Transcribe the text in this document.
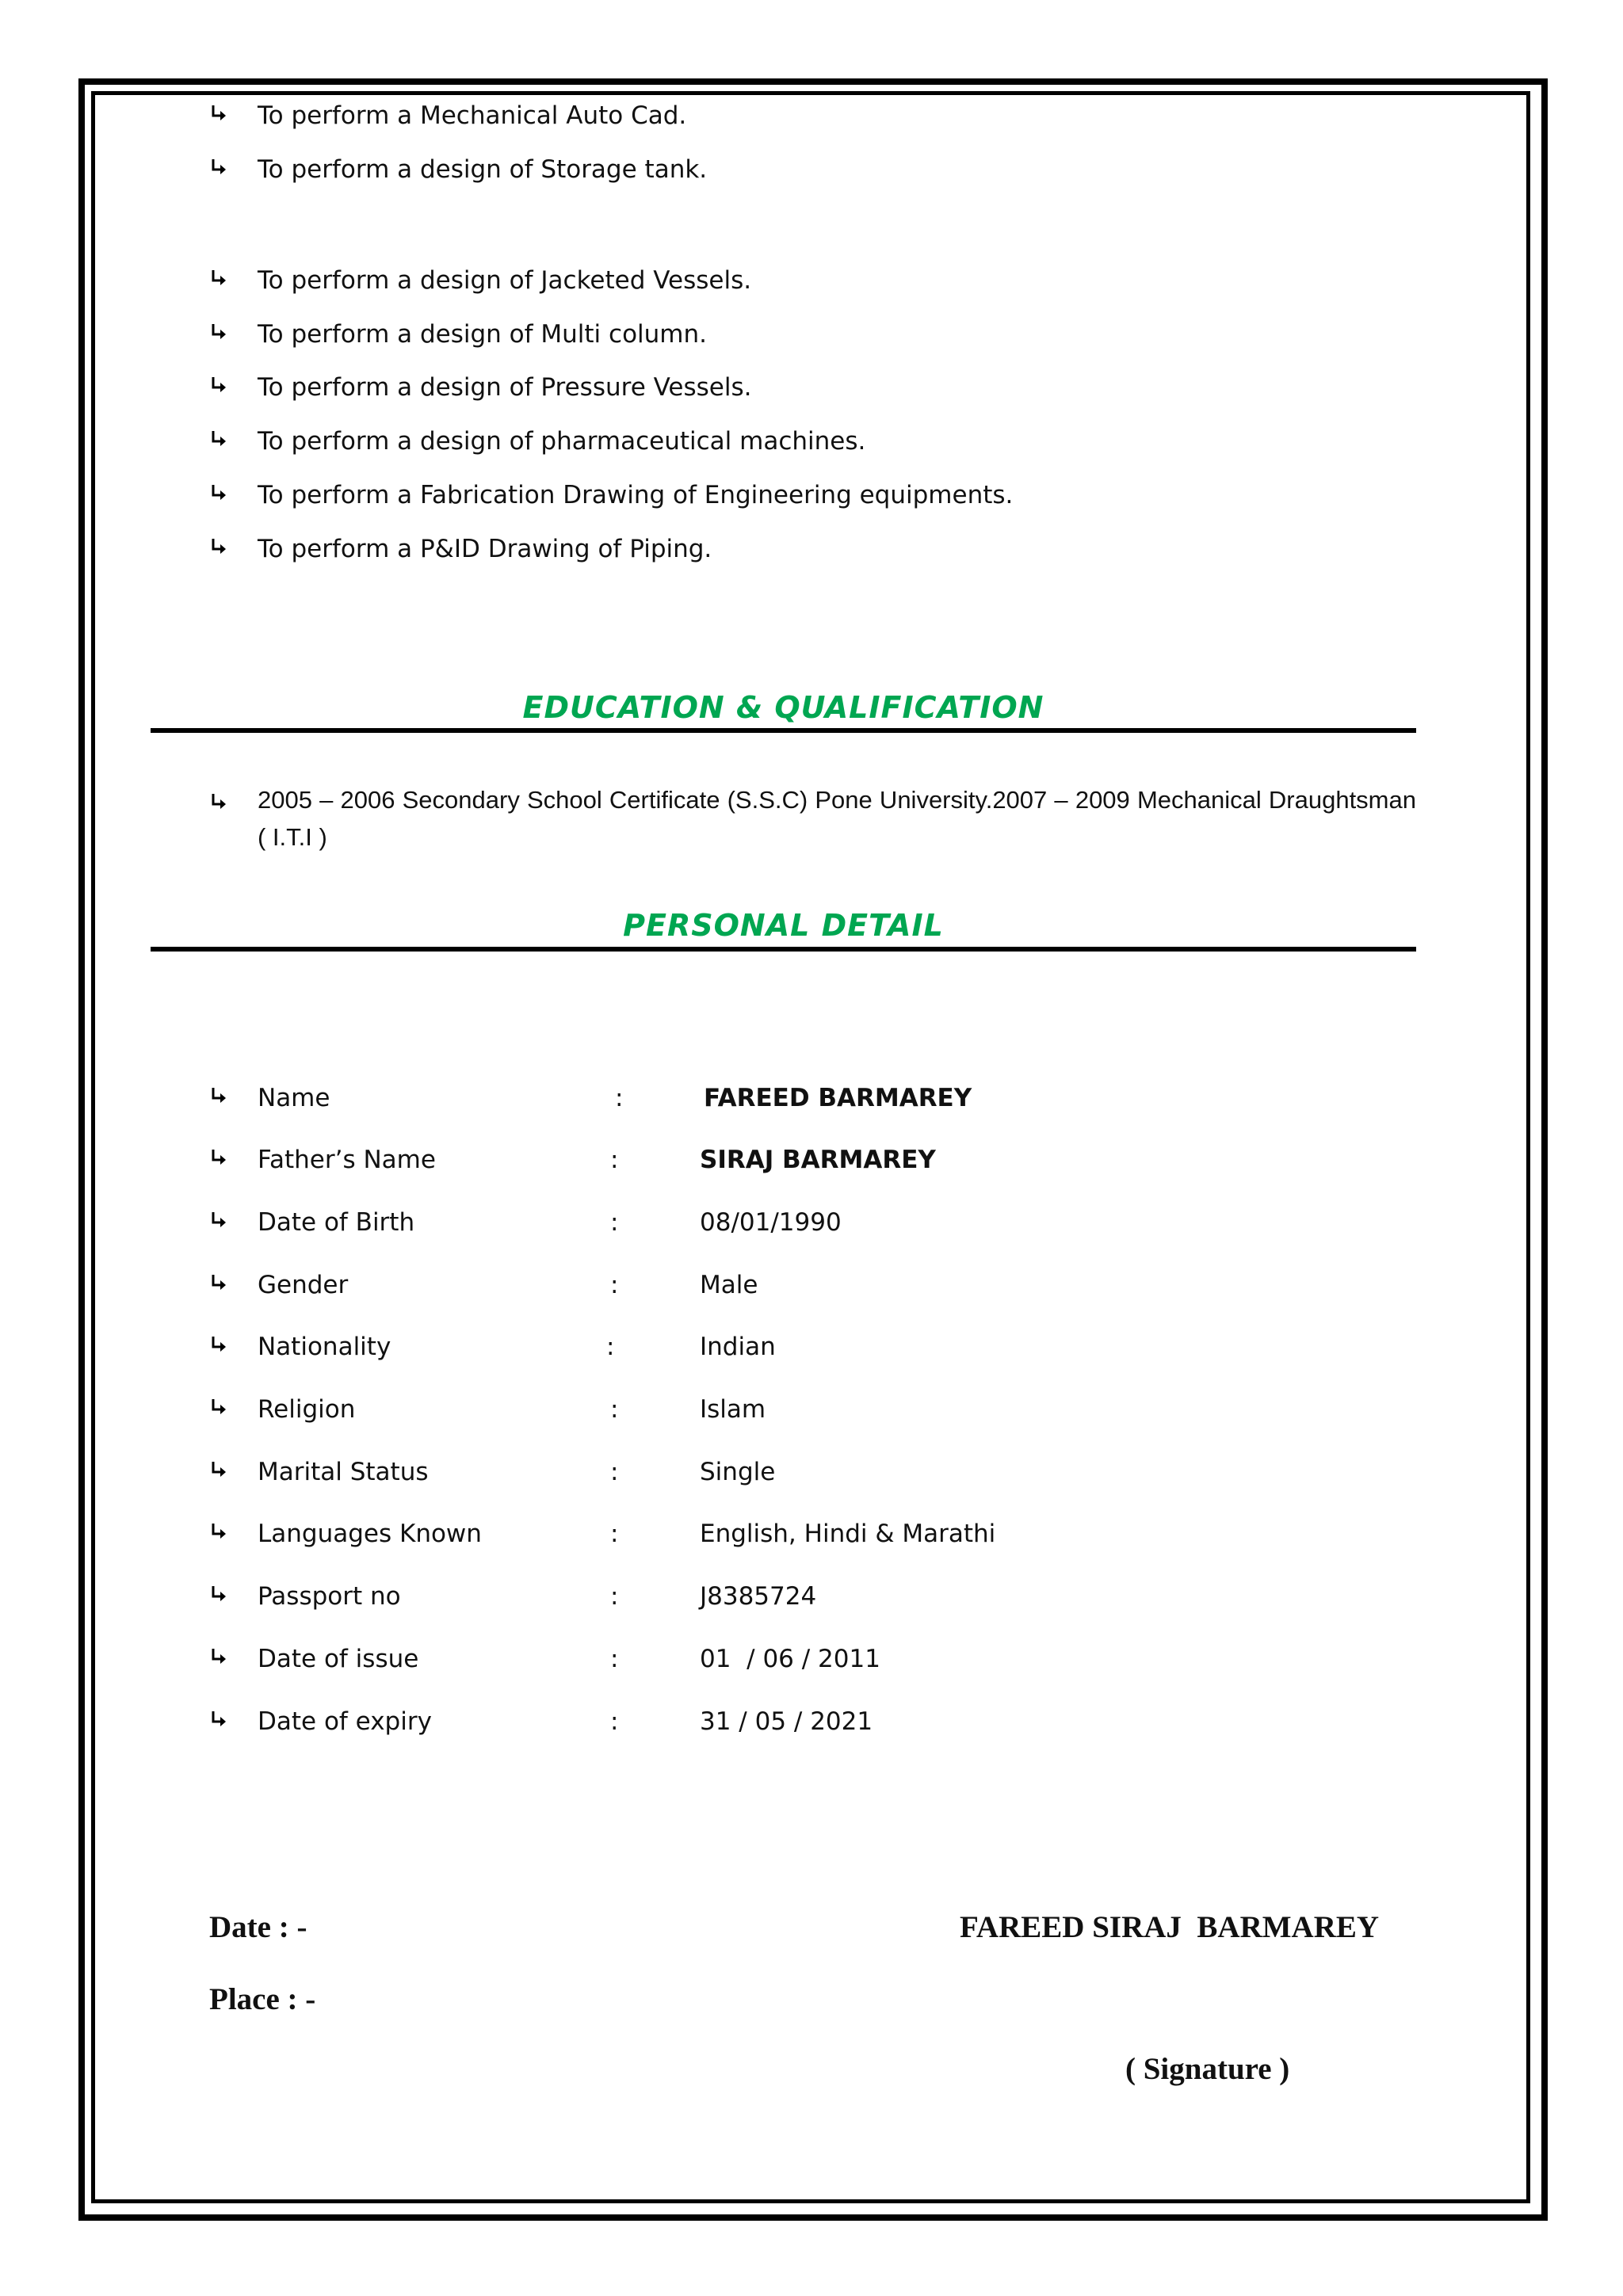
To perform a Mechanical Auto Cad.
To perform a design of Storage tank.
To perform a design of Jacketed Vessels.
To perform a design of Multi column.
To perform a design of Pressure Vessels.
To perform a design of pharmaceutical machines.
To perform a Fabrication Drawing of Engineering equipments.
To perform a P&ID Drawing of Piping.
EDUCATION & QUALIFICATION
2005 – 2006 Secondary School Certificate (S.S.C) Pone University.2007 – 2009 Mechanical Draughtsman ( I.T.I )
PERSONAL DETAIL
Name	:	FAREED BARMAREY
Father’s Name	:	SIRAJ BARMAREY
Date of Birth	:	08/01/1990
Gender	:	Male
Nationality	:	Indian
Religion	:	Islam
Marital Status	:	Single
Languages Known	:	English, Hindi & Marathi
Passport no	:	J8385724
Date of issue	:	01  / 06 / 2011
Date of expiry	:	31 / 05 / 2021
Date : -
Place : -
FAREED SIRAJ  BARMAREY
( Signature )
